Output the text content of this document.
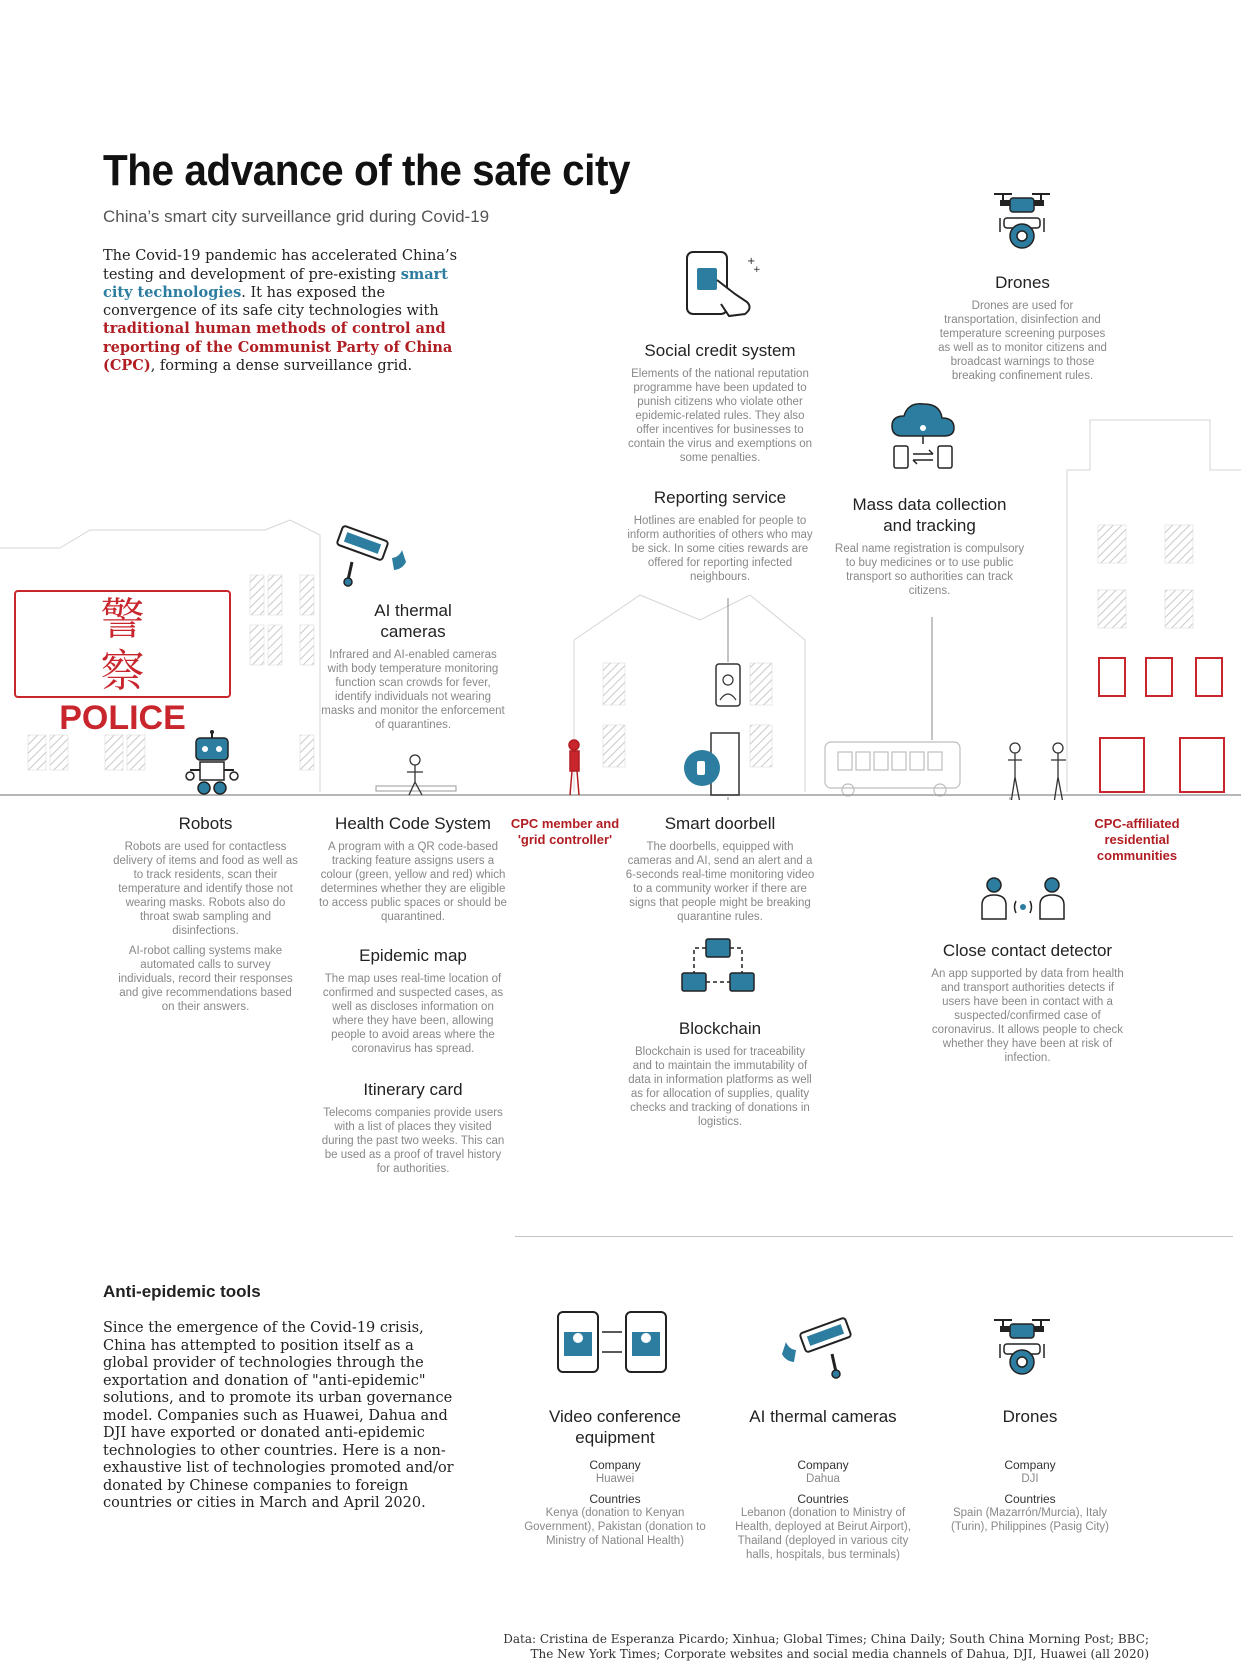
+
+
The advance of the safe city
China’s smart city surveillance grid during Covid-19
The Covid-19 pandemic has accelerated China’s testing and development of pre-existing smart city technologies. It has exposed the convergence of its safe city technologies with traditional human methods of control and reporting of the Communist Party of China (CPC), forming a dense surveillance grid.
警 察
POLICE
Social credit system
Elements of the national reputation programme have been updated to punish citizens who violate other epidemic-related rules. They also offer incentives for businesses to contain the virus and exemptions on some penalties.
Drones
Drones are used for transportation, disinfection and temperature screening purposes as well as to monitor citizens and broadcast warnings to those breaking confinement rules.
Reporting service
Hotlines are enabled for people to inform authorities of others who may be sick. In some cities rewards are offered for reporting infected neighbours.
Mass data collection and tracking
Real name registration is compulsory to buy medicines or to use public transport so authorities can track citizens.
AI thermal cameras
Infrared and AI-enabled cameras with body temperature monitoring function scan crowds for fever, identify individuals not wearing masks and monitor the enforcement of quarantines.
Robots
Robots are used for contactless delivery of items and food as well as to track residents, scan their temperature and identify those not wearing masks. Robots also do throat swab sampling and disinfections.
AI-robot calling systems make automated calls to survey individuals, record their responses and give recommendations based on their answers.
Health Code System
A program with a QR code-based tracking feature assigns users a colour (green, yellow and red) which determines whether they are eligible to access public spaces or should be quarantined.
Epidemic map
The map uses real-time location of confirmed and suspected cases, as well as discloses information on where they have been, allowing people to avoid areas where the coronavirus has spread.
Itinerary card
Telecoms companies provide users with a list of places they visited during the past two weeks. This can be used as a proof of travel history for authorities.
CPC member and 'grid controller'
Smart doorbell
The doorbells, equipped with cameras and AI, send an alert and a 6-seconds real-time monitoring video to a community worker if there are signs that people might be breaking quarantine rules.
Blockchain
Blockchain is used for traceability and to maintain the immutability of data in information platforms as well as for allocation of supplies, quality checks and tracking of donations in logistics.
CPC-affiliated residential communities
Close contact detector
An app supported by data from health and transport authorities detects if users have been in contact with a suspected/confirmed case of coronavirus. It allows people to check whether they have been at risk of infection.
Anti-epidemic tools
Since the emergence of the Covid-19 crisis, China has attempted to position itself as a global provider of technologies through the exportation and donation of "anti-epidemic" solutions, and to promote its urban governance model. Companies such as Huawei, Dahua and DJI have exported or donated anti-epidemic technologies to other countries. Here is a non-exhaustive list of technologies promoted and/or donated by Chinese companies to foreign countries or cities in March and April 2020.
Video conference equipment
Company
Huawei
Countries
Kenya (donation to Kenyan Government), Pakistan (donation to Ministry of National Health)
AI thermal cameras
Company
Dahua
Countries
Lebanon (donation to Ministry of Health, deployed at Beirut Airport), Thailand (deployed in various city halls, hospitals, bus terminals)
Drones
Company
DJI
Countries
Spain (Mazarrón/Murcia), Italy (Turin), Philippines (Pasig City)
Data: Cristina de Esperanza Picardo; Xinhua; Global Times; China Daily; South China Morning Post; BBC;
The New York Times; Corporate websites and social media channels of Dahua, DJI, Huawei (all 2020)
